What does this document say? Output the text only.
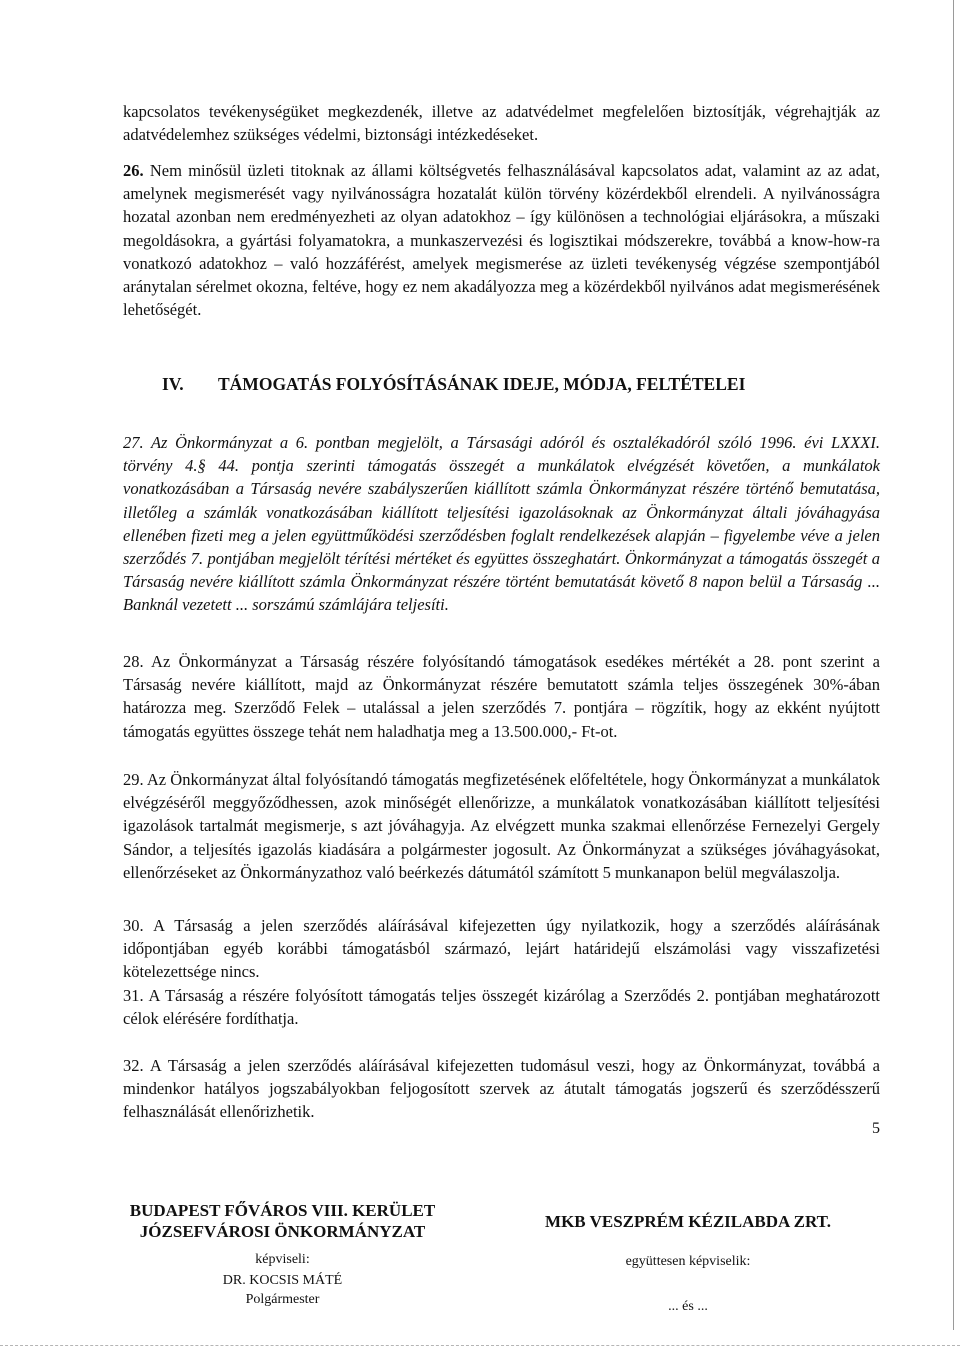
kapcsolatos tevékenységüket megkezdenék, illetve az adatvédelmet megfelelően biztosítják, végrehajtják az adatvédelemhez szükséges védelmi, biztonsági intézkedéseket.
26. Nem minősül üzleti titoknak az állami költségvetés felhasználásával kapcsolatos adat, valamint az az adat, amelynek megismerését vagy nyilvánosságra hozatalát külön törvény közérdekből elrendeli. A nyilvánosságra hozatal azonban nem eredményezheti az olyan adatokhoz – így különösen a technológiai eljárásokra, a műszaki megoldásokra, a gyártási folyamatokra, a munkaszervezési és logisztikai módszerekre, továbbá a know-how-ra vonatkozó adatokhoz – való hozzáférést, amelyek megismerése az üzleti tevékenység végzése szempontjából aránytalan sérelmet okozna, feltéve, hogy ez nem akadályozza meg a közérdekből nyilvános adat megismerésének lehetőségét.
IV. TÁMOGATÁS FOLYÓSÍTÁSÁNAK IDEJE, MÓDJA, FELTÉTELEI
27. Az Önkormányzat a 6. pontban megjelölt, a Társasági adóról és osztalékadóról szóló 1996. évi LXXXI. törvény 4.§ 44. pontja szerinti támogatás összegét a munkálatok elvégzését követően, a munkálatok vonatkozásában a Társaság nevére szabályszerűen kiállított számla Önkormányzat részére történő bemutatása, illetőleg a számlák vonatkozásában kiállított teljesítési igazolásoknak az Önkormányzat általi jóváhagyása ellenében fizeti meg a jelen együttműködési szerződésben foglalt rendelkezések alapján – figyelembe véve a jelen szerződés 7. pontjában megjelölt térítési mértéket és együttes összeghatárt. Önkormányzat a támogatás összegét a Társaság nevére kiállított számla Önkormányzat részére történt bemutatását követő 8 napon belül a Társaság ... Banknál vezetett ... sorszámú számlájára teljesíti.
28. Az Önkormányzat a Társaság részére folyósítandó támogatások esedékes mértékét a 28. pont szerint a Társaság nevére kiállított, majd az Önkormányzat részére bemutatott számla teljes összegének 30%-ában határozza meg. Szerződő Felek – utalással a jelen szerződés 7. pontjára – rögzítik, hogy az ekként nyújtott támogatás együttes összege tehát nem haladhatja meg a 13.500.000,- Ft-ot.
29. Az Önkormányzat által folyósítandó támogatás megfizetésének előfeltétele, hogy Önkormányzat a munkálatok elvégzéséről meggyőződhessen, azok minőségét ellenőrizze, a munkálatok vonatkozásában kiállított teljesítési igazolások tartalmát megismerje, s azt jóváhagyja. Az elvégzett munka szakmai ellenőrzése Fernezelyi Gergely Sándor, a teljesítés igazolás kiadására a polgármester jogosult. Az Önkormányzat a szükséges jóváhagyásokat, ellenőrzéseket az Önkormányzathoz való beérkezés dátumától számított 5 munkanapon belül megválaszolja.
30. A Társaság a jelen szerződés aláírásával kifejezetten úgy nyilatkozik, hogy a szerződés aláírásának időpontjában egyéb korábbi támogatásból származó, lejárt határidejű elszámolási vagy visszafizetési kötelezettsége nincs.
31. A Társaság a részére folyósított támogatás teljes összegét kizárólag a Szerződés 2. pontjában meghatározott célok elérésére fordíthatja.
32. A Társaság a jelen szerződés aláírásával kifejezetten tudomásul veszi, hogy az Önkormányzat, továbbá a mindenkor hatályos jogszabályokban feljogosított szervek az átutalt támogatás jogszerű és szerződésszerű felhasználását ellenőrizhetik.
5
BUDAPEST FŐVÁROS VIII. KERÜLET
JÓZSEFVÁROSI ÖNKORMÁNYZAT
képviseli:
DR. KOCSIS MÁTÉ
Polgármester
MKB VESZPRÉM KÉZILABDA ZRT.
együttesen képviselik:
... és ...
